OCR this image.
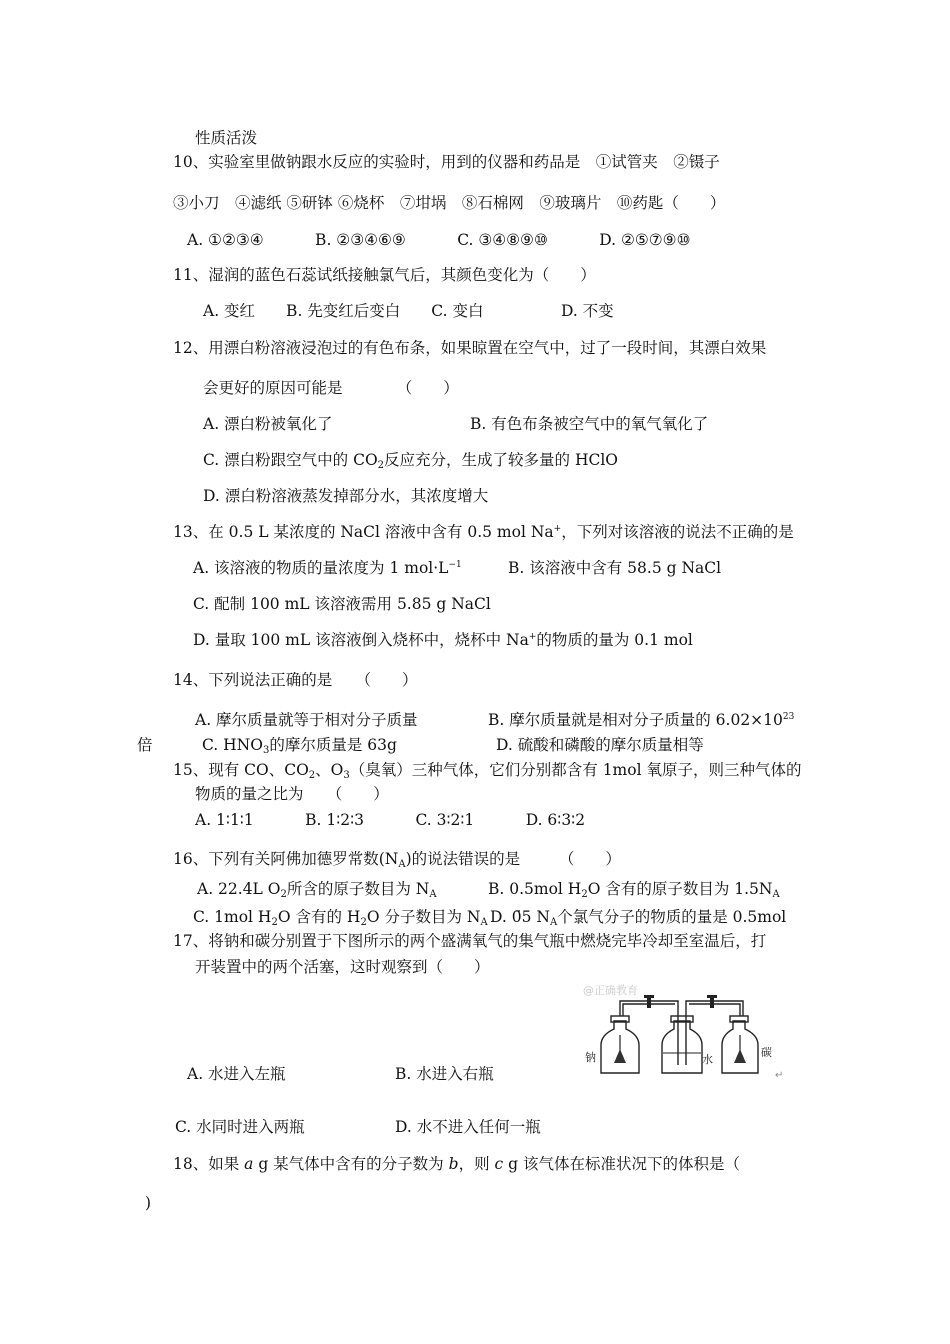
性质活泼
10、实验室里做钠跟水反应的实验时，用到的仪器和药品是　①试管夹　②镊子
③小刀　④滤纸 ⑤研钵 ⑥烧杯　⑦坩埚　⑧石棉网　⑨玻璃片　⑩药匙（　　）
A. ①②③④　　　 B. ②③④⑥⑨　　　 C. ③④⑧⑨⑩　　　 D. ②⑤⑦⑨⑩
11、湿润的蓝色石蕊试纸接触氯气后，其颜色变化为（　　）
A. 变红　　B. 先变红后变白　　C. 变白　　　　　D. 不变
12、用漂白粉溶液浸泡过的有色布条，如果晾置在空气中，过了一段时间，其漂白效果
会更好的原因可能是　　　　（　　）
A. 漂白粉被氧化了	B. 有色布条被空气中的氧气氧化了
C. 漂白粉跟空气中的 $CO_2$反应充分，生成了较多量的 HClO
D. 漂白粉溶液蒸发掉部分水，其浓度增大
13、在 0.5 L 某浓度的 NaCl 溶液中含有 0.5 mol Na+，下列对该溶液的说法不正确的是
A. 该溶液的物质的量浓度为 1 $mol\cdot L^{-1}$	B. 该溶液中含有 58.5 g NaCl
C. 配制 100 mL 该溶液需用 5.85 g NaCl
D. 量取 100 mL 该溶液倒入烧杯中，烧杯中 Na+的物质的量为 0.1 mol
14、下列说法正确的是　　（　　）
A. 摩尔质量就等于相对分子质量	B. 摩尔质量就是相对分子质量的 $6.02\times 10^{23}$
倍	C. $HNO_3$的摩尔质量是 63g	D. 硫酸和磷酸的摩尔质量相等
15、现有 CO、$CO_2$、$O_3$（臭氧）三种气体，它们分别都含有 1mol 氧原子，则三种气体的
物质的量之比为　　（　　）
A. 1∶1∶1　　　 B. 1∶2∶3　　　 C. 3∶2∶1　　　 D. 6∶3∶2
16、下列有关阿佛加德罗常数$(N_A)$的说法错误的是　　　（　　）
A. 22.4L $O_2$所含的原子数目为 $N_A$	B. 0.5mol $H_2O$ 含有的原子数目为 $1.5N_A$
C. 1mol $H_2O$ 含有的 $H_2O$ 分子数目为 $N_A$ D. 0̄5 $N_A$个氯气分子的物质的量是 0.5mol
17、将钠和碳分别置于下图所示的两个盛满氧气的集气瓶中燃烧完毕冷却至室温后，打
开装置中的两个活塞，这时观察到（　　）
@正确教育
钠	水
碳
↵
A. 水进入左瓶	B. 水进入右瓶
C. 水同时进入两瓶	D. 水不进入任何一瓶
18、如果 a g 某气体中含有的分子数为 b，则 c g 该气体在标准状况下的体积是（
)
